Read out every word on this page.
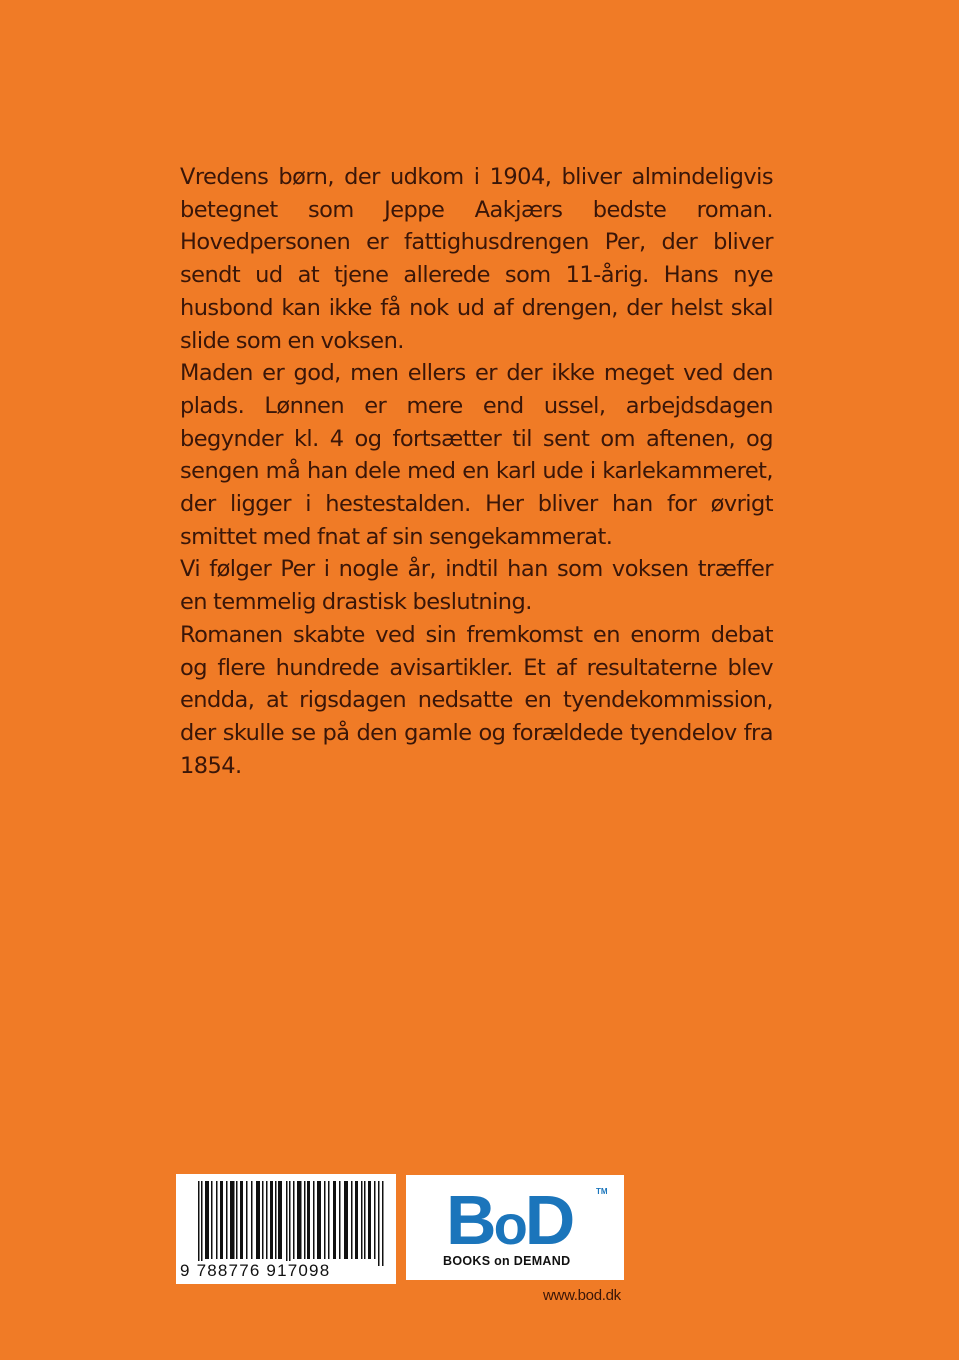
Vredens børn, der udkom i 1904, bliver almindeligvis betegnet som Jeppe Aakjærs bedste roman. Hovedpersonen er fattighusdrengen Per, der bliver sendt ud at tjene allerede som 11-årig. Hans nye husbond kan ikke få nok ud af drengen, der helst skal slide som en voksen.

Maden er god, men ellers er der ikke meget ved den plads. Lønnen er mere end ussel, arbejdsdagen begynder kl. 4 og fortsætter til sent om aftenen, og sengen må han dele med en karl ude i karlekammeret, der ligger i hestestalden. Her bliver han for øvrigt smittet med fnat af sin sengekammerat.

Vi følger Per i nogle år, indtil han som voksen træffer en temmelig drastisk beslutning.

Romanen skabte ved sin fremkomst en enorm debat og flere hundrede avisartikler. Et af resultaterne blev endda, at rigsdagen nedsatte en tyendekommission, der skulle se på den gamle og forældede tyendelov fra 1854.

9 788776 917098
BoD	TM
BOOKS on DEMAND
www.bod.dk
